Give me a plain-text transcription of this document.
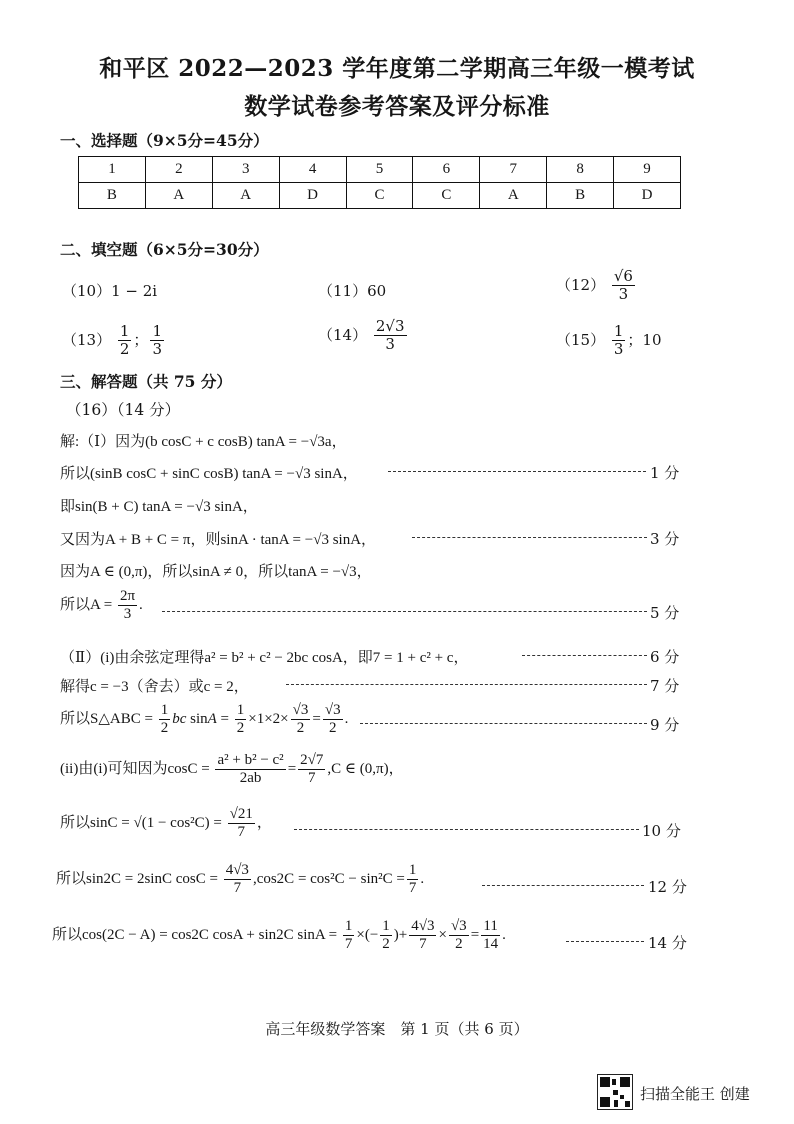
和平区 2022—2023 学年度第二学期高三年级一模考试
数学试卷参考答案及评分标准
一、选择题（9×5分=45分）
1	2	3	4	5	6	7	8	9
B	A	A	D	C	C	A	B	D
二、填空题（6×5分=30分）
（10）1 − 2i	（11）60	$(12) \frac{√6}{3}$
$(13) \frac{1}{2}$ ； $\frac{1}{3}$	$(14) \frac{2√3}{3}$	$(15) \frac{1}{3}$ ；10
三、解答题（共 75 分）
（16）（14 分）
解:（Ⅰ）因为(b cosC + c cosB) tanA = −√3a，
所以(sinB cosC + sinC cosB) tanA = −√3 sinA，	1 分
即sin(B + C) tanA = −√3 sinA，
又因为A + B + C = π，则sinA · tanA = −√3 sinA，	3 分
因为A ∈ (0,π)，所以sinA ≠ 0，所以tanA = −√3，
所以$A = \frac{2\pi}{3}$ .	5 分
（Ⅱ）(i)由余弦定理得a² = b² + c² − 2bc cosA，即7 = 1 + c² + c，	6 分
解得c = −3（舍去）或c = 2，	7 分
所以S△ABC = $\frac{1}{2}$ bc $\sin A = \frac{1}{2} \times 1\times 2\times \frac{√3}{2} = \frac{√3}{2}$ .	9 分
(ii)由(i)可知因为$\cos C = \frac{\text{a² + b² − c²}}{2ab} = \frac{2√7}{7} ,C$ ∈ (0,π)，
所以$\sin C = √(1 - \cos^2C) = \frac{√21}{7}$ ，	10 分
所以sin2C = 2sinC $\cos C = \frac{4√3}{7} ,\cos 2C = \cos^2C - \sin^2C = \frac{1}{7}$ .	12 分
所以cos(2C − A) = cos2C cosA + sin2C $\sin A = \frac{1}{7}$ ×(− $\frac{1}{2}$ )+ $\frac{4√3}{7} \times \frac{√3}{2} = \frac{11}{14}$ .	14 分
高三年级数学答案　第 1 页（共 6 页）
扫描全能王 创建
